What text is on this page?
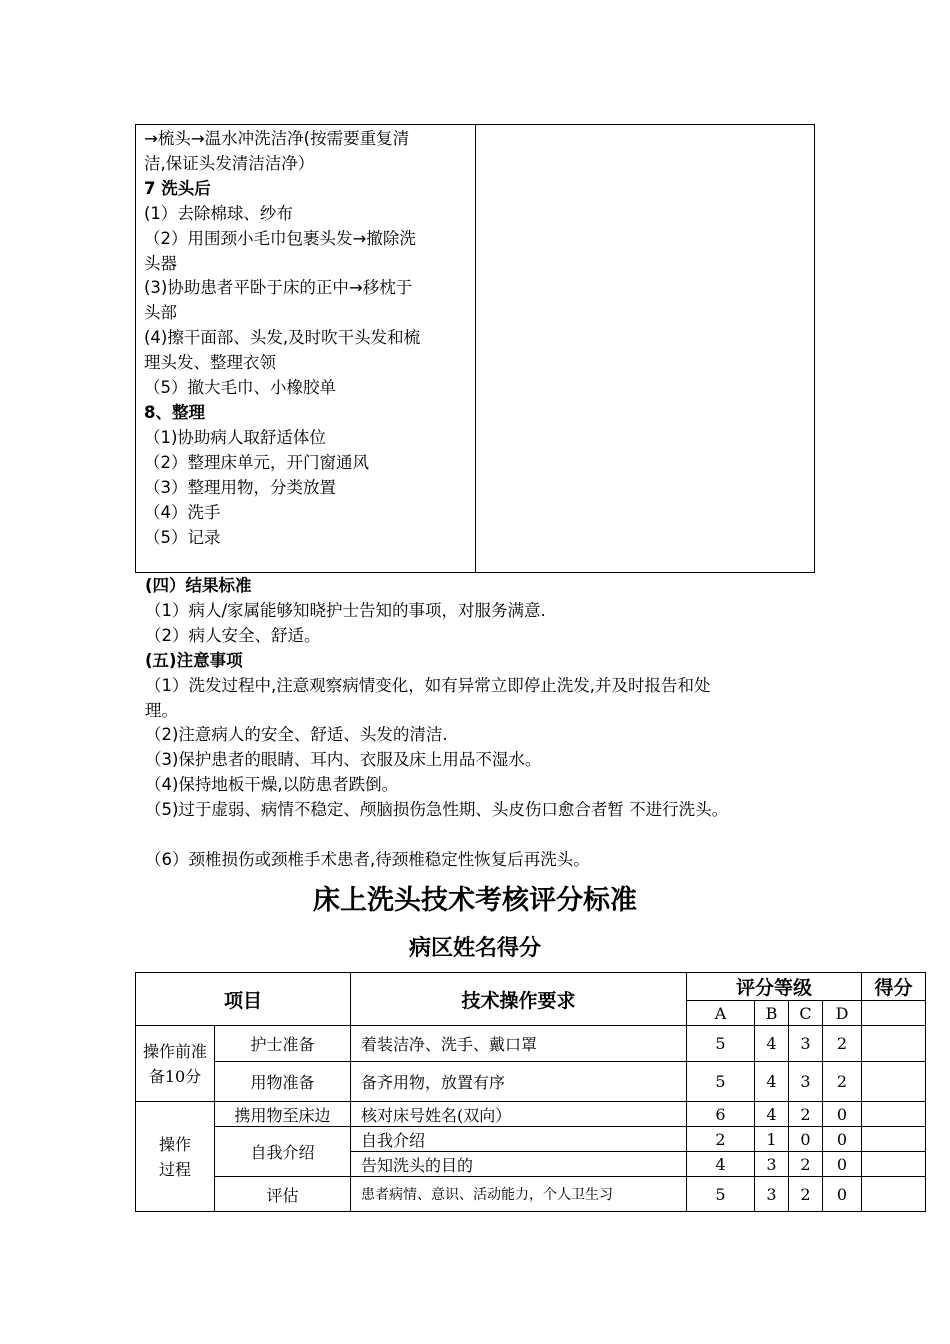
→梳头→温水冲洗洁净(按需要重复清
洁,保证头发清洁洁净）
7 洗头后
(1）去除棉球、纱布
（2）用围颈小毛巾包裹头发→撤除洗
头器
(3)协助患者平卧于床的正中→移枕于
头部
(4)擦干面部、头发,及时吹干头发和梳
理头发、整理衣领
（5）撤大毛巾、小橡胶单
8、整理
（1)协助病人取舒适体位
（2）整理床单元，开门窗通风
（3）整理用物，分类放置
（4）洗手
（5）记录
(四）结果标准
（1）病人/家属能够知晓护士告知的事项，对服务满意.
（2）病人安全、舒适。
(五)注意事项
（1）洗发过程中,注意观察病情变化，如有异常立即停止洗发,并及时报告和处
理。
（2)注意病人的安全、舒适、头发的清洁.
（3)保护患者的眼睛、耳内、衣服及床上用品不湿水。
（4)保持地板干燥,以防患者跌倒。
（5)过于虚弱、病情不稳定、颅脑损伤急性期、头皮伤口愈合者暂 不进行洗头。
（6）颈椎损伤或颈椎手术患者,待颈椎稳定性恢复后再洗头。
床上洗头技术考核评分标准
病区姓名得分
项目		技术操作要求	评分等级				得分
			A	B	C	D	
操作前准备10分	护士准备	着装洁净、洗手、戴口罩	5	4	3	2	
	用物准备	备齐用物，放置有序	5	4	3	2	
操作过程	携用物至床边	核对床号姓名(双向）	6	4	2	0	
	自我介绍	自我介绍	2	1	0	0	
		告知洗头的目的	4	3	2	0	
	评估	患者病情、意识、活动能力，个人卫生习	5	3	2	0	
